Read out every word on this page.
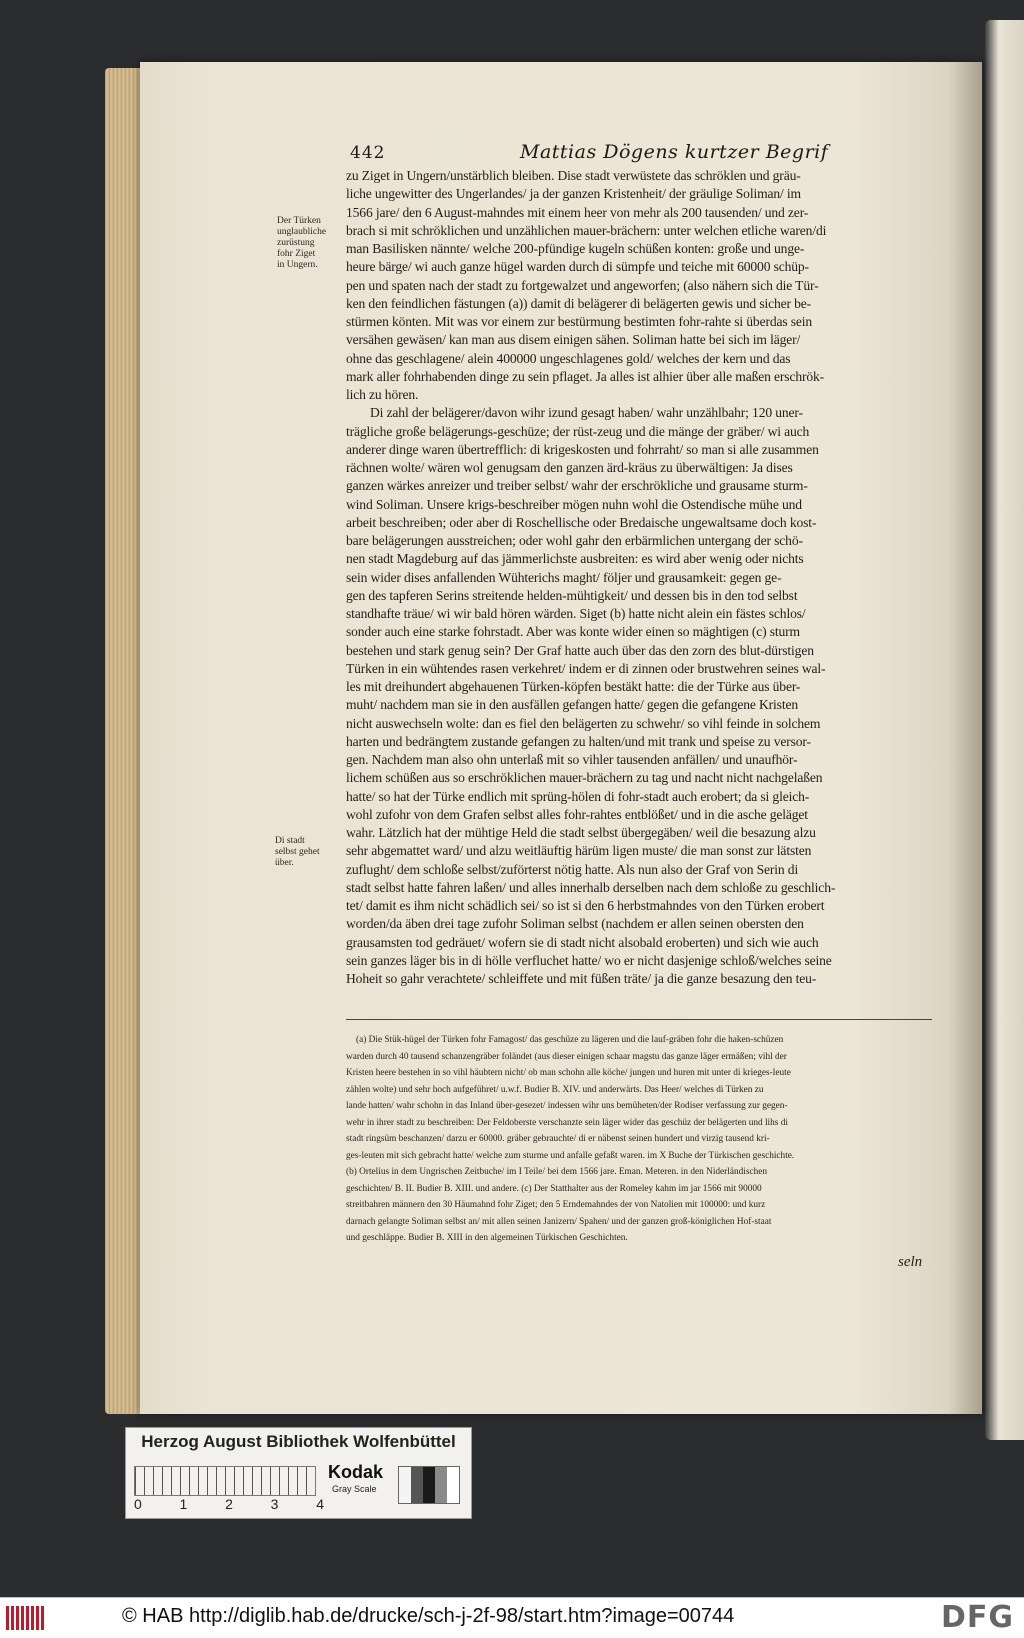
442	Mattias Dögens kurtzer Begrif
Der Türken
unglaubliche
zurüstung
fohr Ziget
in Ungern.
Di stadt
selbst gehet
über.
zu Ziget in Ungern/unstärblich bleiben. Dise stadt verwüstete das schröklen und gräu-
liche ungewitter des Ungerlandes/ ja der ganzen Kristenheit/ der gräulige Soliman/ im
1566 jare/ den 6 August-mahndes mit einem heer von mehr als 200 tausenden/ und zer-
brach si mit schröklichen und unzählichen mauer-brächern: unter welchen etliche waren/di
man Basilisken nännte/ welche 200-pfündige kugeln schüßen konten: große und unge-
heure bärge/ wi auch ganze hügel warden durch di sümpfe und teiche mit 60000 schüp-
pen und spaten nach der stadt zu fortgewalzet und angeworfen; (also nähern sich die Tür-
ken den feindlichen fästungen (a)) damit di belägerer di belägerten gewis und sicher be-
stürmen könten. Mit was vor einem zur bestürmung bestimten fohr-rahte si überdas sein
versähen gewäsen/ kan man aus disem einigen sähen. Soliman hatte bei sich im läger/
ohne das geschlagene/ alein 400000 ungeschlagenes gold/ welches der kern und das
mark aller fohrhabenden dinge zu sein pflaget. Ja alles ist alhier über alle maßen erschrök-
lich zu hören.
Di zahl der belägerer/davon wihr izund gesagt haben/ wahr unzählbahr; 120 uner-
trägliche große belägerungs-geschüze; der rüst-zeug und die mänge der gräber/ wi auch
anderer dinge waren übertrefflich: di krigeskosten und fohrraht/ so man si alle zusammen
rächnen wolte/ wären wol genugsam den ganzen ärd-kräus zu überwältigen: Ja dises
ganzen wärkes anreizer und treiber selbst/ wahr der erschrökliche und grausame sturm-
wind Soliman. Unsere krigs-beschreiber mögen nuhn wohl die Ostendische mühe und
arbeit beschreiben; oder aber di Roschellische oder Bredaische ungewaltsame doch kost-
bare belägerungen ausstreichen; oder wohl gahr den erbärmlichen untergang der schö-
nen stadt Magdeburg auf das jämmerlichste ausbreiten: es wird aber wenig oder nichts
sein wider dises anfallenden Wühterichs maght/ följer und grausamkeit: gegen ge-
gen des tapferen Serins streitende helden-mühtigkeit/ und dessen bis in den tod selbst
standhafte träue/ wi wir bald hören wärden. Siget (b) hatte nicht alein ein fästes schlos/
sonder auch eine starke fohrstadt. Aber was konte wider einen so mäghtigen (c) sturm
bestehen und stark genug sein? Der Graf hatte auch über das den zorn des blut-dürstigen
Türken in ein wühtendes rasen verkehret/ indem er di zinnen oder brustwehren seines wal-
les mit dreihundert abgehauenen Türken-köpfen bestäkt hatte: die der Türke aus über-
muht/ nachdem man sie in den ausfällen gefangen hatte/ gegen die gefangene Kristen
nicht auswechseln wolte: dan es fiel den belägerten zu schwehr/ so vihl feinde in solchem
harten und bedrängtem zustande gefangen zu halten/und mit trank und speise zu versor-
gen. Nachdem man also ohn unterlaß mit so vihler tausenden anfällen/ und unaufhör-
lichem schüßen aus so erschröklichen mauer-brächern zu tag und nacht nicht nachgelaßen
hatte/ so hat der Türke endlich mit sprüng-hölen di fohr-stadt auch erobert; da si gleich-
wohl zufohr von dem Grafen selbst alles fohr-rahtes entblößet/ und in die asche geläget
wahr. Lätzlich hat der mühtige Held die stadt selbst übergegäben/ weil die besazung alzu
sehr abgemattet ward/ und alzu weitläuftig härüm ligen muste/ die man sonst zur lätsten
zuflught/ dem schloße selbst/zuförterst nötig hatte. Als nun also der Graf von Serin di
stadt selbst hatte fahren laßen/ und alles innerhalb derselben nach dem schloße zu geschlich-
tet/ damit es ihm nicht schädlich sei/ so ist si den 6 herbstmahndes von den Türken erobert
worden/da äben drei tage zufohr Soliman selbst (nachdem er allen seinen obersten den
grausamsten tod gedräuet/ wofern sie di stadt nicht alsobald eroberten) und sich wie auch
sein ganzes läger bis in di hölle verfluchet hatte/ wo er nicht dasjenige schloß/welches seine
Hoheit so gahr verachtete/ schleiffete und mit füßen träte/ ja die ganze besazung den teu-
(a) Die Stük-hügel der Türken fohr Famagost/ das geschüze zu lägeren und die lauf-gräben fohr die haken-schüzen
warden durch 40 tausend schanzengräber foländet (aus dieser einigen schaar magstu das ganze läger ermäßen; vihl der
Kristen heere bestehen in so vihl häubtern nicht/ ob man schohn alle köche/ jungen und huren mit unter di krieges-leute
zählen wolte) und sehr hoch aufgeführet/ u.w.f. Budier B. XIV. und anderwärts. Das Heer/ welches di Türken zu
lande hatten/ wahr schohn in das Inland über-gesezet/ indessen wihr uns bemüheten/der Rodiser verfassung zur gegen-
wehr in ihrer stadt zu beschreiben: Der Feldoberste verschanzte sein läger wider das geschüz der belägerten und lihs di
stadt ringsüm beschanzen/ darzu er 60000. gräber gebrauchte/ di er näbenst seinen hundert und virzig tausend kri-
ges-leuten mit sich gebracht hatte/ welche zum sturme und anfalle gefaßt waren. im X Buche der Türkischen geschichte.
(b) Ortelius in dem Ungrischen Zeitbuche/ im I Teile/ bei dem 1566 jare. Eman. Meteren. in den Niderländischen
geschichten/ B. II. Budier B. XIII. und andere. (c) Der Statthalter aus der Romeley kahm im jar 1566 mit 90000
streitbahren männern den 30 Häumahnd fohr Ziget; den 5 Erndemahndes der von Natolien mit 100000: und kurz
darnach gelangte Soliman selbst an/ mit allen seinen Janizern/ Spahen/ und der ganzen groß-königlichen Hof-staat
und geschläppe. Budier B. XIII in den algemeinen Türkischen Geschichten.
seln
Herzog August Bibliothek Wolfenbüttel
0	1	2	3	4
Kodak
Gray Scale
© HAB http://diglib.hab.de/drucke/sch-j-2f-98/start.htm?image=00744	DFG
